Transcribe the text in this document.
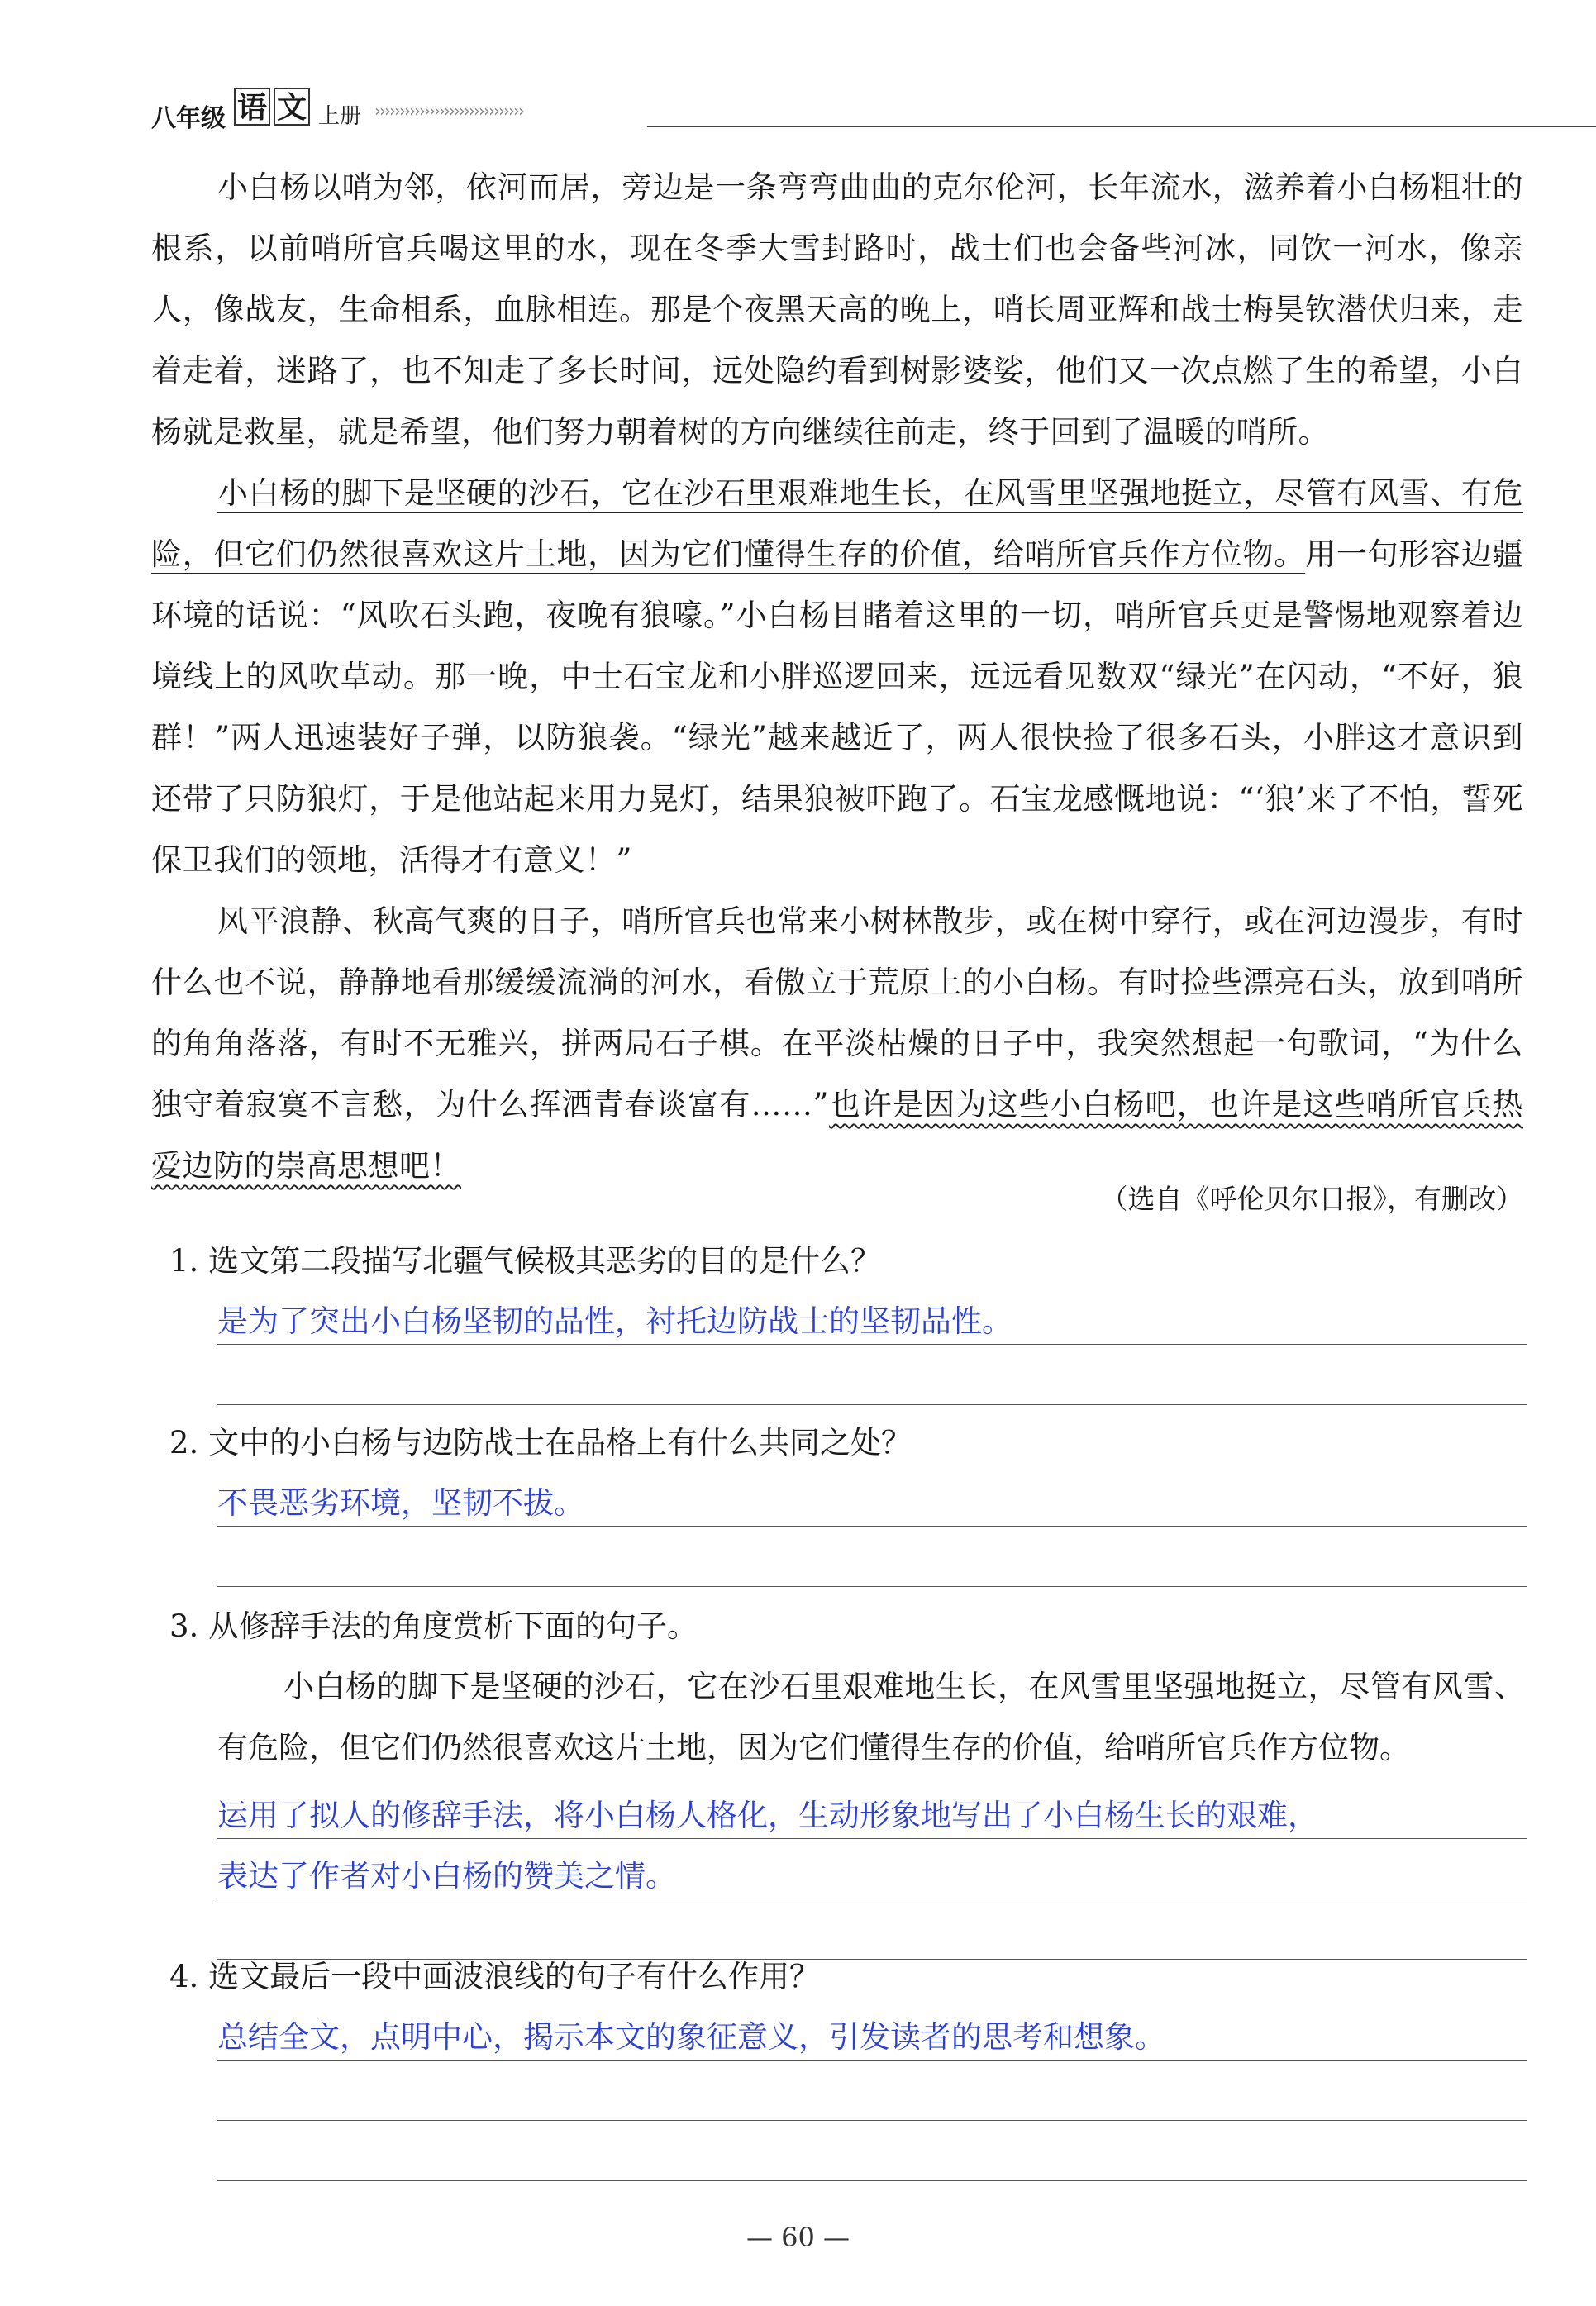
八年级 语 文 上册 ››››››››››››››››››››››››››››››

小白杨以哨为邻，依河而居，旁边是一条弯弯曲曲的克尔伦河，长年流水，滋养着小白杨粗壮的根系，以前哨所官兵喝这里的水，现在冬季大雪封路时，战士们也会备些河冰，同饮一河水，像亲人，像战友，生命相系，血脉相连。那是个夜黑天高的晚上，哨长周亚辉和战士梅昊钦潜伏归来，走着走着，迷路了，也不知走了多长时间，远处隐约看到树影婆娑，他们又一次点燃了生的希望，小白杨就是救星，就是希望，他们努力朝着树的方向继续往前走，终于回到了温暖的哨所。

小白杨的脚下是坚硬的沙石，它在沙石里艰难地生长，在风雪里坚强地挺立，尽管有风雪、有危险，但它们仍然很喜欢这片土地，因为它们懂得生存的价值，给哨所官兵作方位物。用一句形容边疆环境的话说：“风吹石头跑，夜晚有狼嚎。”小白杨目睹着这里的一切，哨所官兵更是警惕地观察着边境线上的风吹草动。那一晚，中士石宝龙和小胖巡逻回来，远远看见数双“绿光”在闪动，“不好，狼群！”两人迅速装好子弹，以防狼袭。“绿光”越来越近了，两人很快捡了很多石头，小胖这才意识到还带了只防狼灯，于是他站起来用力晃灯，结果狼被吓跑了。石宝龙感慨地说：“‘狼’来了不怕，誓死保卫我们的领地，活得才有意义！”

风平浪静、秋高气爽的日子，哨所官兵也常来小树林散步，或在树中穿行，或在河边漫步，有时什么也不说，静静地看那缓缓流淌的河水，看傲立于荒原上的小白杨。有时捡些漂亮石头，放到哨所的角角落落，有时不无雅兴，拼两局石子棋。在平淡枯燥的日子中，我突然想起一句歌词，“为什么独守着寂寞不言愁，为什么挥洒青春谈富有……”也许是因为这些小白杨吧，也许是这些哨所官兵热爱边防的崇高思想吧！

（选自《呼伦贝尔日报》，有删改）

1. 选文第二段描写北疆气候极其恶劣的目的是什么？

是为了突出小白杨坚韧的品性，衬托边防战士的坚韧品性。

2. 文中的小白杨与边防战士在品格上有什么共同之处？

不畏恶劣环境，坚韧不拔。

3. 从修辞手法的角度赏析下面的句子。

小白杨的脚下是坚硬的沙石，它在沙石里艰难地生长，在风雪里坚强地挺立，尽管有风雪、有危险，但它们仍然很喜欢这片土地，因为它们懂得生存的价值，给哨所官兵作方位物。

运用了拟人的修辞手法，将小白杨人格化，生动形象地写出了小白杨生长的艰难，
表达了作者对小白杨的赞美之情。

4. 选文最后一段中画波浪线的句子有什么作用？

总结全文，点明中心，揭示本文的象征意义，引发读者的思考和想象。
— 60 —
